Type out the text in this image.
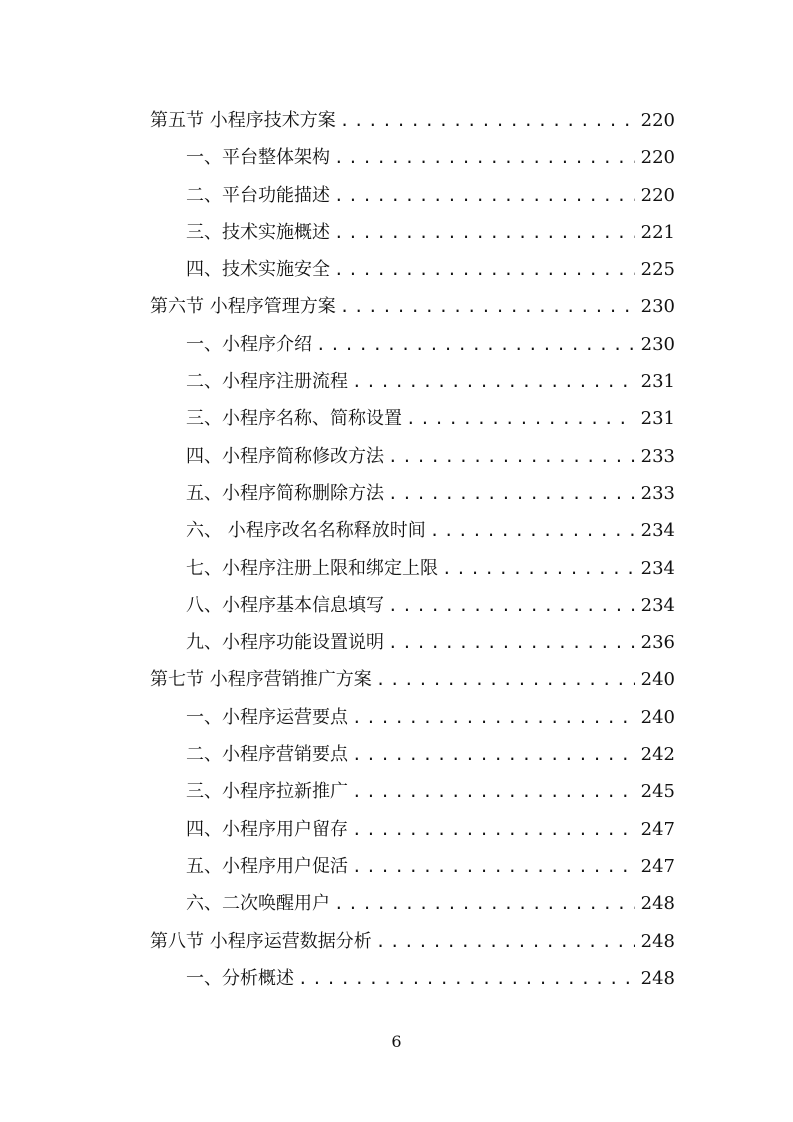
第五节 小程序技术方案 .....	220
一、平台整体架构 .....	220
二、平台功能描述 .....	220
三、技术实施概述 .....	221
四、技术实施安全 .....	225
第六节 小程序管理方案 .....	230
一、小程序介绍 .....	230
二、小程序注册流程 .....	231
三、小程序名称、简称设置 .....	231
四、小程序简称修改方法 .....	233
五、小程序简称删除方法 .....	233
六、 小程序改名名称释放时间 .....	234
七、小程序注册上限和绑定上限 .....	234
八、小程序基本信息填写 .....	234
九、小程序功能设置说明 .....	236
第七节 小程序营销推广方案 .....	240
一、小程序运营要点 .....	240
二、小程序营销要点 .....	242
三、小程序拉新推广 .....	245
四、小程序用户留存 .....	247
五、小程序用户促活 .....	247
六、二次唤醒用户 .....	248
第八节 小程序运营数据分析 .....	248
一、分析概述 .....	248
6
